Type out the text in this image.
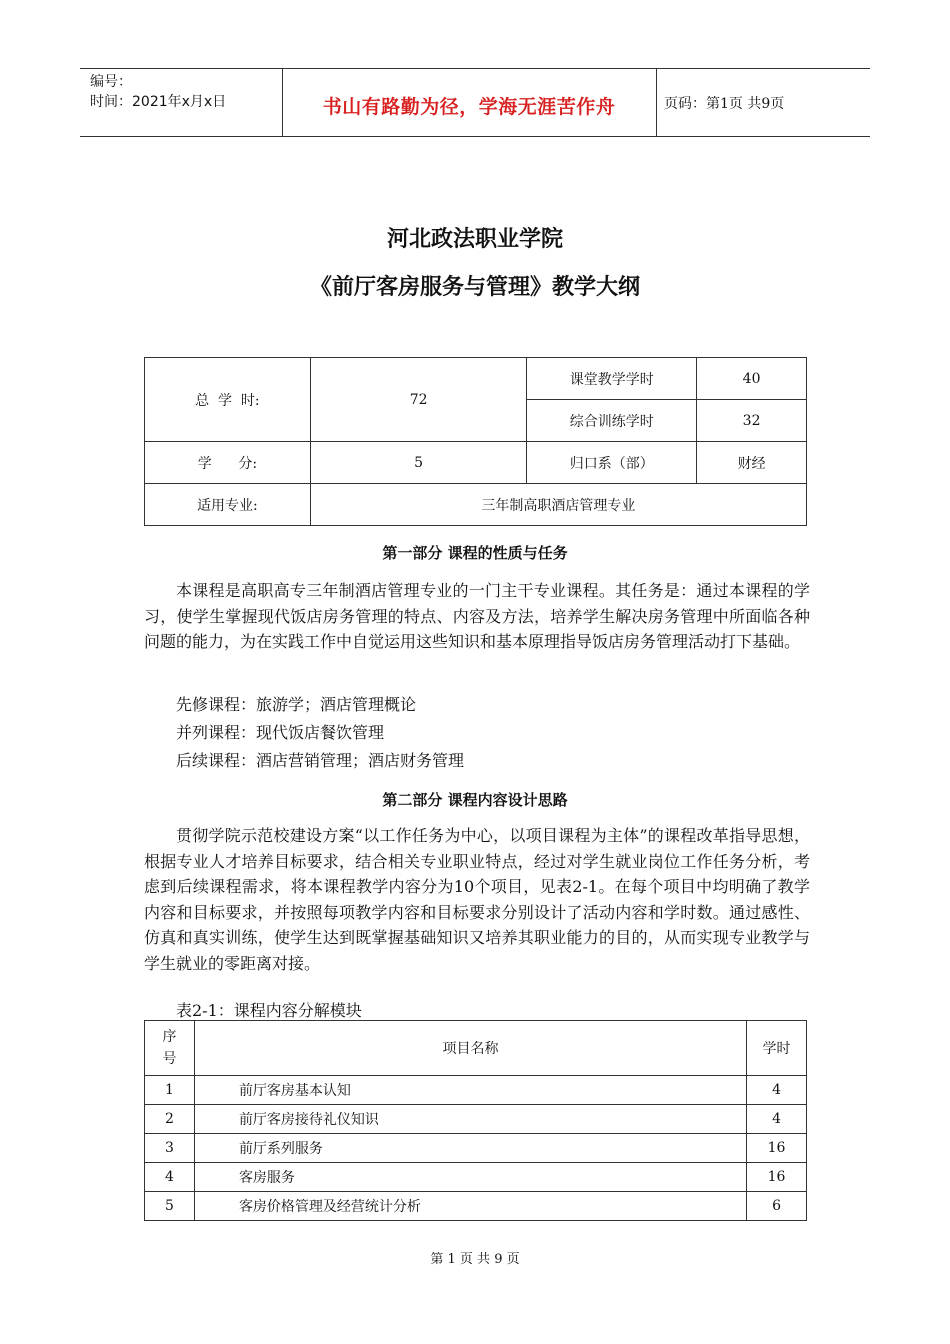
编号：
时间：2021年x月x日	书山有路勤为径，学海无涯苦作舟	页码：第1页 共9页
河北政法职业学院
《前厅客房服务与管理》教学大纲
总  学  时:	72	课堂教学学时	40
		综合训练学时	32
学      分:	5	归口系（部）	财经
适用专业:	三年制高职酒店管理专业		
第一部分 课程的性质与任务

本课程是高职高专三年制酒店管理专业的一门主干专业课程。其任务是：通过本课程的学习，使学生掌握现代饭店房务管理的特点、内容及方法，培养学生解决房务管理中所面临各种问题的能力，为在实践工作中自觉运用这些知识和基本原理指导饭店房务管理活动打下基础。

先修课程：旅游学；酒店管理概论
并列课程：现代饭店餐饮管理
后续课程：酒店营销管理；酒店财务管理
第二部分 课程内容设计思路

贯彻学院示范校建设方案“以工作任务为中心，以项目课程为主体”的课程改革指导思想，根据专业人才培养目标要求，结合相关专业职业特点，经过对学生就业岗位工作任务分析，考虑到后续课程需求，将本课程教学内容分为10个项目，见表2-1。在每个项目中均明确了教学内容和目标要求，并按照每项教学内容和目标要求分别设计了活动内容和学时数。通过感性、仿真和真实训练，使学生达到既掌握基础知识又培养其职业能力的目的，从而实现专业教学与学生就业的零距离对接。

表2-1：课程内容分解模块
序号	项目名称	学时
1	前厅客房基本认知	4
2	前厅客房接待礼仪知识	4
3	前厅系列服务	16
4	客房服务	16
5	客房价格管理及经营统计分析	6
第 1 页 共 9 页
